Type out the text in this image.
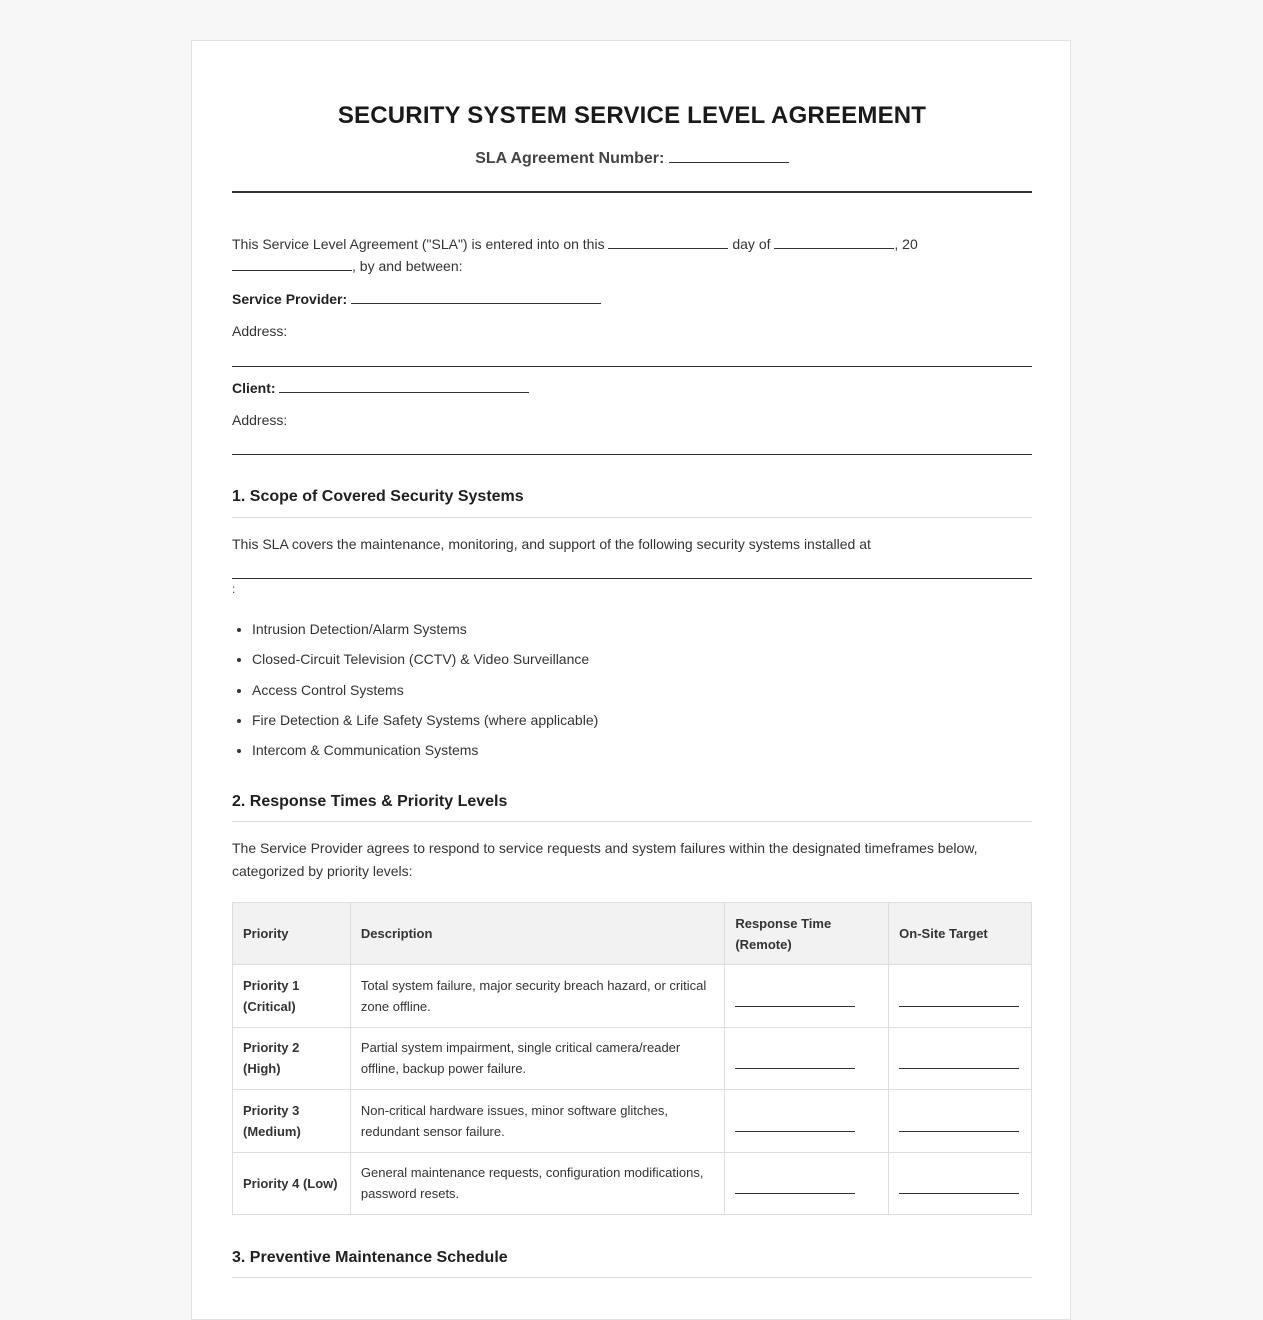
SECURITY SYSTEM SERVICE LEVEL AGREEMENT
SLA Agreement Number:
This Service Level Agreement ("SLA") is entered into on this	day of	, 20
, by and between:
Service Provider:
Address:
Client:
Address:
1. Scope of Covered Security Systems
This SLA covers the maintenance, monitoring, and support of the following security systems installed at
:
• Intrusion Detection/Alarm Systems
• Closed-Circuit Television (CCTV) & Video Surveillance
• Access Control Systems
• Fire Detection & Life Safety Systems (where applicable)
• Intercom & Communication Systems
2. Response Times & Priority Levels
The Service Provider agrees to respond to service requests and system failures within the designated timeframes below, categorized by priority levels:
Priority	Description	Response Time (Remote)	On-Site Target
Priority 1 (Critical)	Total system failure, major security breach hazard, or critical zone offline.	

Priority 2 (High)	Partial system impairment, single critical camera/reader offline, backup power failure.	

Priority 3 (Medium)	Non-critical hardware issues, minor software glitches, redundant sensor failure.	

Priority 4 (Low)	General maintenance requests, configuration modifications, password resets.	

3. Preventive Maintenance Schedule
